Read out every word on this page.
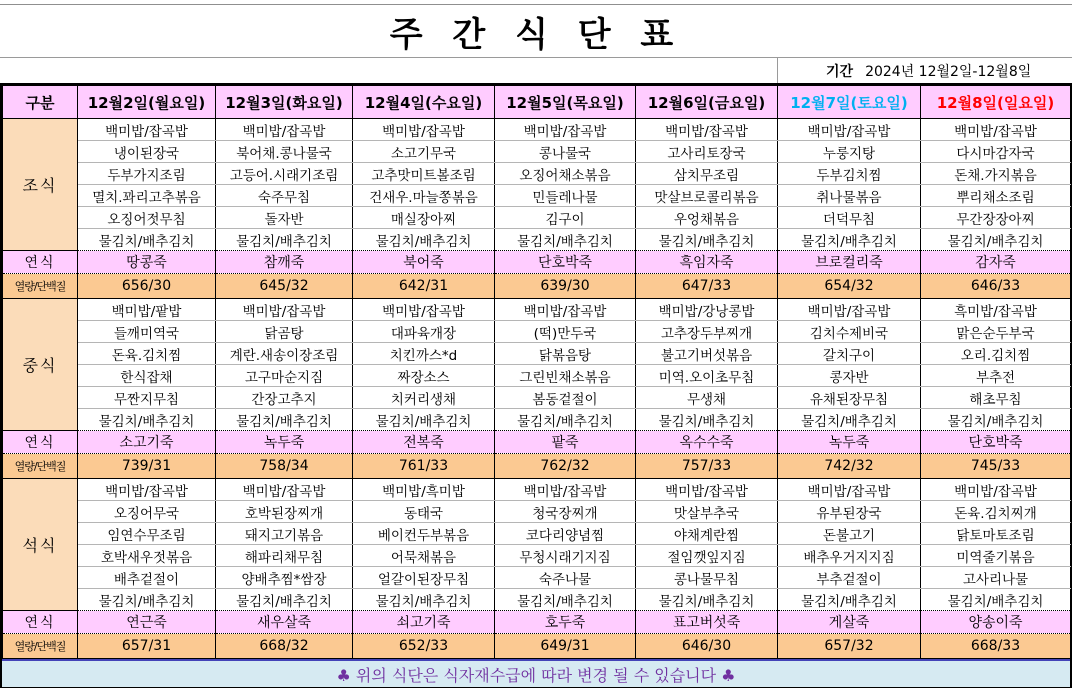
주 간 식 단 표
기간 2024년 12월2일-12월8일
구분	12월2일(월요일)	12월3일(화요일)	12월4일(수요일)	12월5일(목요일)	12월6일(금요일)	12월7일(토요일)	12월8일(일요일)
조식	백미밥/잡곡밥	백미밥/잡곡밥	백미밥/잡곡밥	백미밥/잡곡밥	백미밥/잡곡밥	백미밥/잡곡밥	백미밥/잡곡밥
	냉이된장국	북어채.콩나물국	소고기무국	콩나물국	고사리토장국	누룽지탕	다시마감자국
	두부가지조림	고등어.시래기조림	고추맛미트볼조림	오징어채소볶음	삼치무조림	두부김치찜	돈채.가지볶음
	멸치.꽈리고추볶음	숙주무침	건새우.마늘쫑볶음	민들레나물	맛살브로콜리볶음	취나물볶음	뿌리채소조림
	오징어젓무침	돌자반	매실장아찌	김구이	우엉채볶음	더덕무침	무간장장아찌
	물김치/배추김치	물김치/배추김치	물김치/배추김치	물김치/배추김치	물김치/배추김치	물김치/배추김치	물김치/배추김치
연식	땅콩죽	참깨죽	북어죽	단호박죽	흑임자죽	브로컬리죽	감자죽
열량/단백질	656/30	645/32	642/31	639/30	647/33	654/32	646/33
중식	백미밥/팥밥	백미밥/잡곡밥	백미밥/잡곡밥	백미밥/잡곡밥	백미밥/강낭콩밥	백미밥/잡곡밥	흑미밥/잡곡밥
	들깨미역국	닭곰탕	대파육개장	(떡)만두국	고추장두부찌개	김치수제비국	맑은순두부국
	돈육.김치찜	계란.새송이장조림	치킨까스*d	닭볶음탕	불고기버섯볶음	갈치구이	오리.김치찜
	한식잡채	고구마순지짐	짜장소스	그린빈채소볶음	미역.오이초무침	콩자반	부추전
	무짠지무침	간장고추지	치커리생채	봄동겉절이	무생채	유채된장무침	해초무침
	물김치/배추김치	물김치/배추김치	물김치/배추김치	물김치/배추김치	물김치/배추김치	물김치/배추김치	물김치/배추김치
연식	소고기죽	녹두죽	전복죽	팥죽	옥수수죽	녹두죽	단호박죽
열량/단백질	739/31	758/34	761/33	762/32	757/33	742/32	745/33
석식	백미밥/잡곡밥	백미밥/잡곡밥	백미밥/흑미밥	백미밥/잡곡밥	백미밥/잡곡밥	백미밥/잡곡밥	백미밥/잡곡밥
	오징어무국	호박된장찌개	동태국	청국장찌개	맛살부추국	유부된장국	돈육.김치찌개
	임연수무조림	돼지고기볶음	베이컨두부볶음	코다리양념찜	야채계란찜	돈불고기	닭토마토조림
	호박새우젓볶음	해파리채무침	어묵채볶음	무청시래기지짐	절임깻잎지짐	배추우거지지짐	미역줄기볶음
	배추겉절이	양배추찜*쌈장	얼갈이된장무침	숙주나물	콩나물무침	부추겉절이	고사리나물
	물김치/배추김치	물김치/배추김치	물김치/배추김치	물김치/배추김치	물김치/배추김치	물김치/배추김치	물김치/배추김치
연식	연근죽	새우살죽	쇠고기죽	호두죽	표고버섯죽	게살죽	양송이죽
열량/단백질	657/31	668/32	652/33	649/31	646/30	657/32	668/33
♣ 위의 식단은 식자재수급에 따라 변경 될 수 있습니다 ♣
